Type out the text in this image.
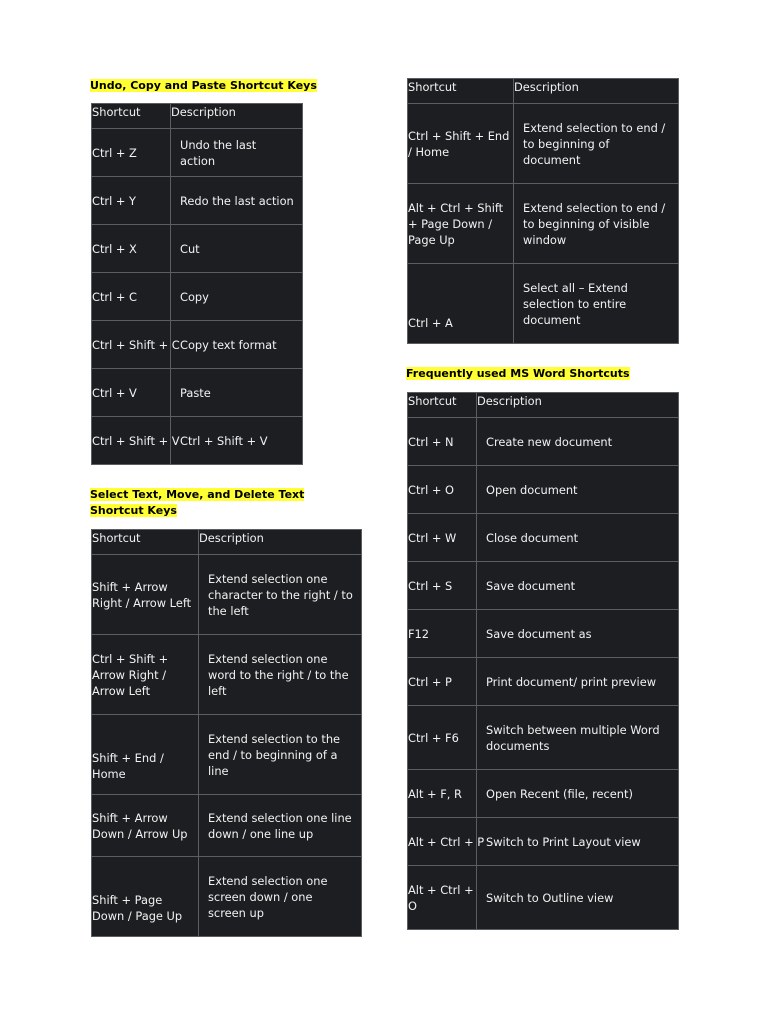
Undo, Copy and Paste Shortcut Keys
Shortcut	Description
Ctrl + Z	Undo the last action
Ctrl + Y	Redo the last action
Ctrl + X	Cut
Ctrl + C	Copy
Ctrl + Shift + C	Copy text format
Ctrl + V	Paste
Ctrl + Shift + V	Ctrl + Shift + V
Select Text, Move, and Delete Text Shortcut Keys
Shortcut	Description
Shift + Arrow Right / Arrow Left	Extend selection one character to the right / to the left
Ctrl + Shift + Arrow Right / Arrow Left	Extend selection one word to the right / to the left
Shift + End / Home	Extend selection to the end / to beginning of a line
Shift + Arrow Down / Arrow Up	Extend selection one line down / one line up
Shift + Page Down / Page Up	Extend selection one screen down / one screen up
Shortcut	Description
Ctrl + Shift + End / Home	Extend selection to end / to beginning of document
Alt + Ctrl + Shift + Page Down / Page Up	Extend selection to end / to beginning of visible window
Ctrl + A	Select all – Extend selection to entire document
Frequently used MS Word Shortcuts
Shortcut	Description
Ctrl + N	Create new document
Ctrl + O	Open document
Ctrl + W	Close document
Ctrl + S	Save document
F12	Save document as
Ctrl + P	Print document/ print preview
Ctrl + F6	Switch between multiple Word documents
Alt + F, R	Open Recent (file, recent)
Alt + Ctrl + P	Switch to Print Layout view
Alt + Ctrl + O	Switch to Outline view
